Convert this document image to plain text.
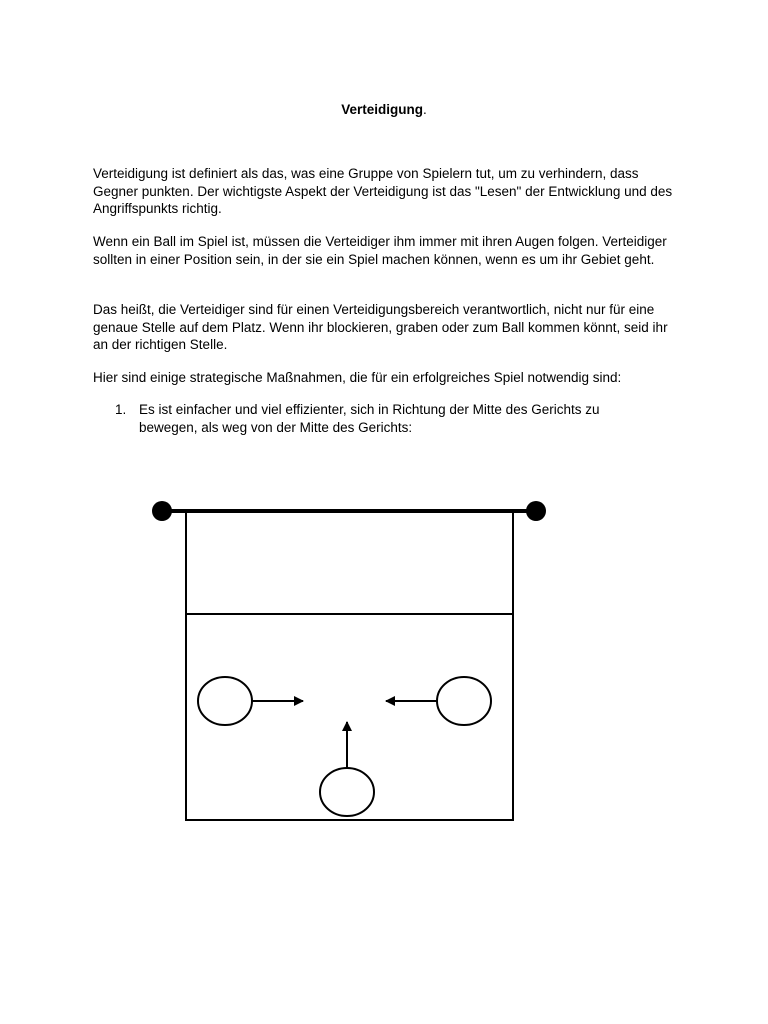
Verteidigung.

Verteidigung ist definiert als das, was eine Gruppe von Spielern tut, um zu verhindern, dass Gegner punkten. Der wichtigste Aspekt der Verteidigung ist das "Lesen" der Entwicklung und des Angriffspunkts richtig.

Wenn ein Ball im Spiel ist, müssen die Verteidiger ihm immer mit ihren Augen folgen. Verteidiger sollten in einer Position sein, in der sie ein Spiel machen können, wenn es um ihr Gebiet geht.

Das heißt, die Verteidiger sind für einen Verteidigungsbereich verantwortlich, nicht nur für eine genaue Stelle auf dem Platz. Wenn ihr blockieren, graben oder zum Ball kommen könnt, seid ihr an der richtigen Stelle.

Hier sind einige strategische Maßnahmen, die für ein erfolgreiches Spiel notwendig sind:

1. Es ist einfacher und viel effizienter, sich in Richtung der Mitte des Gerichts zu bewegen, als weg von der Mitte des Gerichts:
